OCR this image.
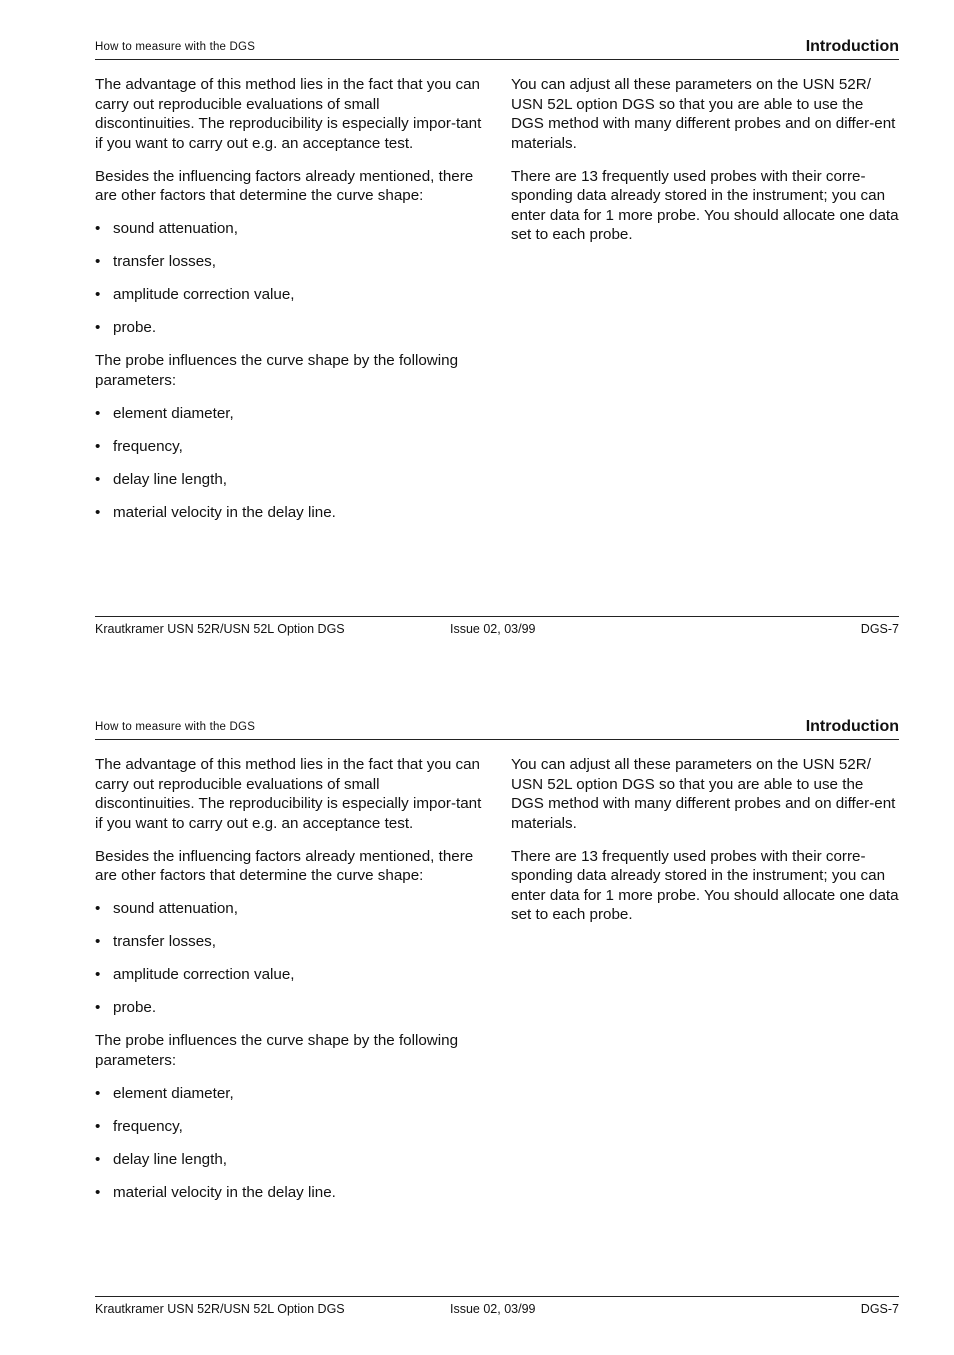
How to measure with the DGS	Introduction

The advantage of this method lies in the fact that you can carry out reproducible evaluations of small discontinuities. The reproducibility is especially impor-tant if you want to carry out e.g. an acceptance test.

Besides the influencing factors already mentioned, there are other factors that determine the curve shape:

• sound attenuation,
• transfer losses,
• amplitude correction value,
• probe.

The probe influences the curve shape by the following parameters:

• element diameter,
• frequency,
• delay line length,
• material velocity in the delay line.

You can adjust all these parameters on the USN 52R/ USN 52L option DGS so that you are able to use the DGS method with many different probes and on differ-ent materials.

There are 13 frequently used probes with their corre-sponding data already stored in the instrument; you can enter data for 1 more probe. You should allocate one data set to each probe.

Krautkramer USN 52R/USN 52L Option DGS	Issue 02, 03/99	DGS-7
How to measure with the DGS	Introduction

The advantage of this method lies in the fact that you can carry out reproducible evaluations of small discontinuities. The reproducibility is especially impor-tant if you want to carry out e.g. an acceptance test.

Besides the influencing factors already mentioned, there are other factors that determine the curve shape:

• sound attenuation,
• transfer losses,
• amplitude correction value,
• probe.

The probe influences the curve shape by the following parameters:

• element diameter,
• frequency,
• delay line length,
• material velocity in the delay line.

You can adjust all these parameters on the USN 52R/ USN 52L option DGS so that you are able to use the DGS method with many different probes and on differ-ent materials.

There are 13 frequently used probes with their corre-sponding data already stored in the instrument; you can enter data for 1 more probe. You should allocate one data set to each probe.

Krautkramer USN 52R/USN 52L Option DGS	Issue 02, 03/99	DGS-7
